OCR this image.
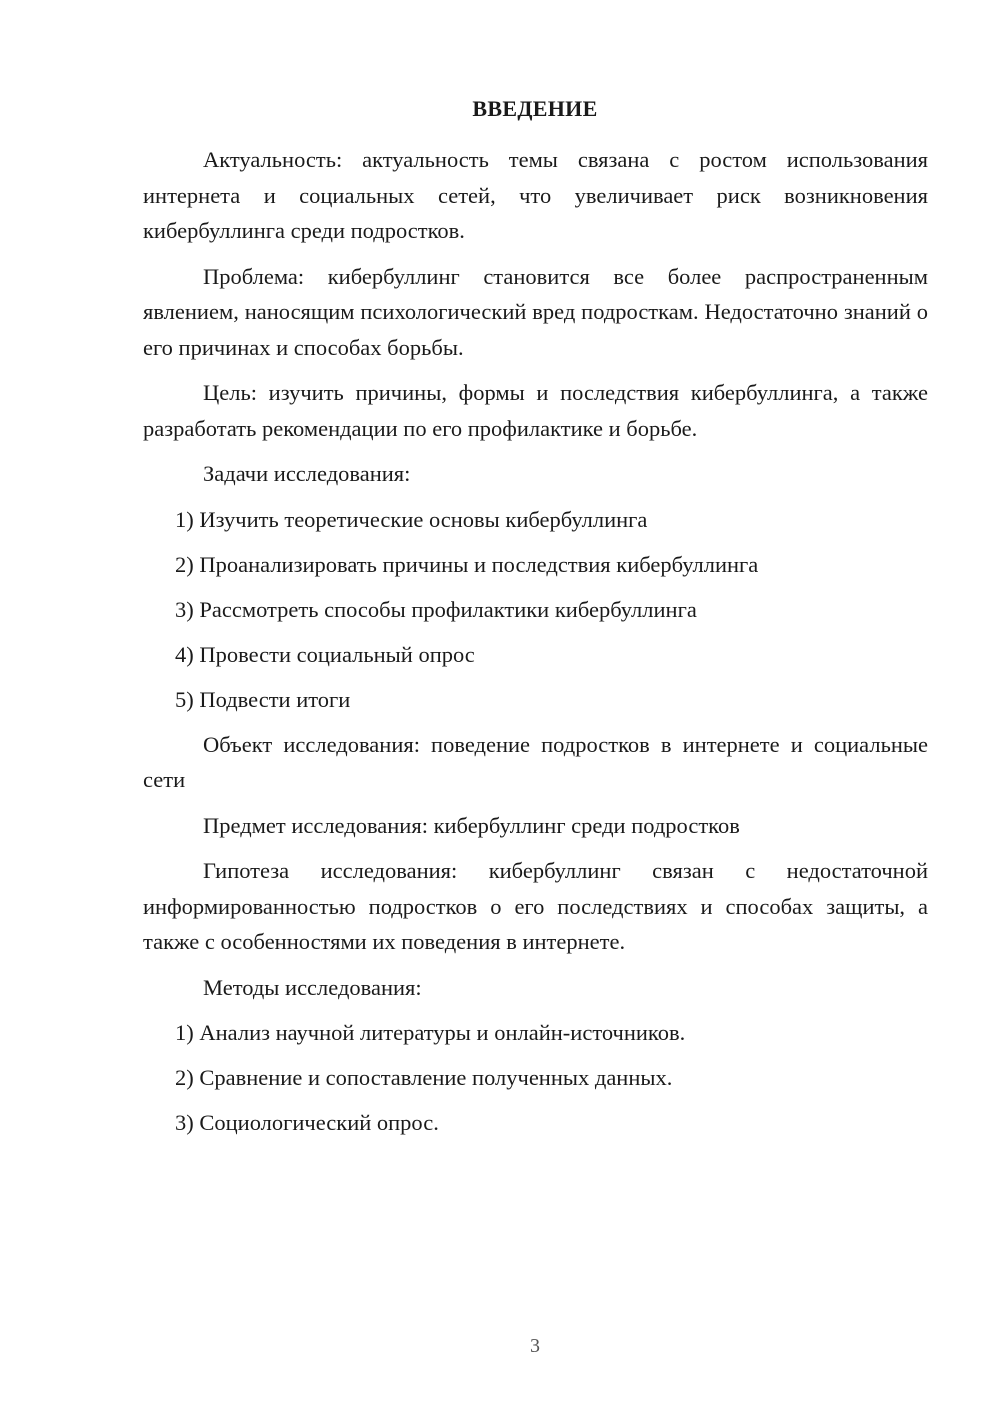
ВВЕДЕНИЕ

Актуальность: актуальность темы связана с ростом использования интернета и социальных сетей, что увеличивает риск возникновения кибербуллинга среди подростков.

Проблема: кибербуллинг становится все более распространенным явлением, наносящим психологический вред подросткам. Недостаточно знаний о его причинах и способах борьбы.

Цель: изучить причины, формы и последствия кибербуллинга, а также разработать рекомендации по его профилактике и борьбе.

Задачи исследования:

1) Изучить теоретические основы кибербуллинга
2) Проанализировать причины и последствия кибербуллинга
3) Рассмотреть способы профилактики кибербуллинга
4) Провести социальный опрос
5) Подвести итоги

Объект исследования: поведение подростков в интернете и социальные сети

Предмет исследования: кибербуллинг среди подростков

Гипотеза исследования: кибербуллинг связан с недостаточной информированностью подростков о его последствиях и способах защиты, а также с особенностями их поведения в интернете.

Методы исследования:

1) Анализ научной литературы и онлайн-источников.
2) Сравнение и сопоставление полученных данных.
3) Социологический опрос.
3
